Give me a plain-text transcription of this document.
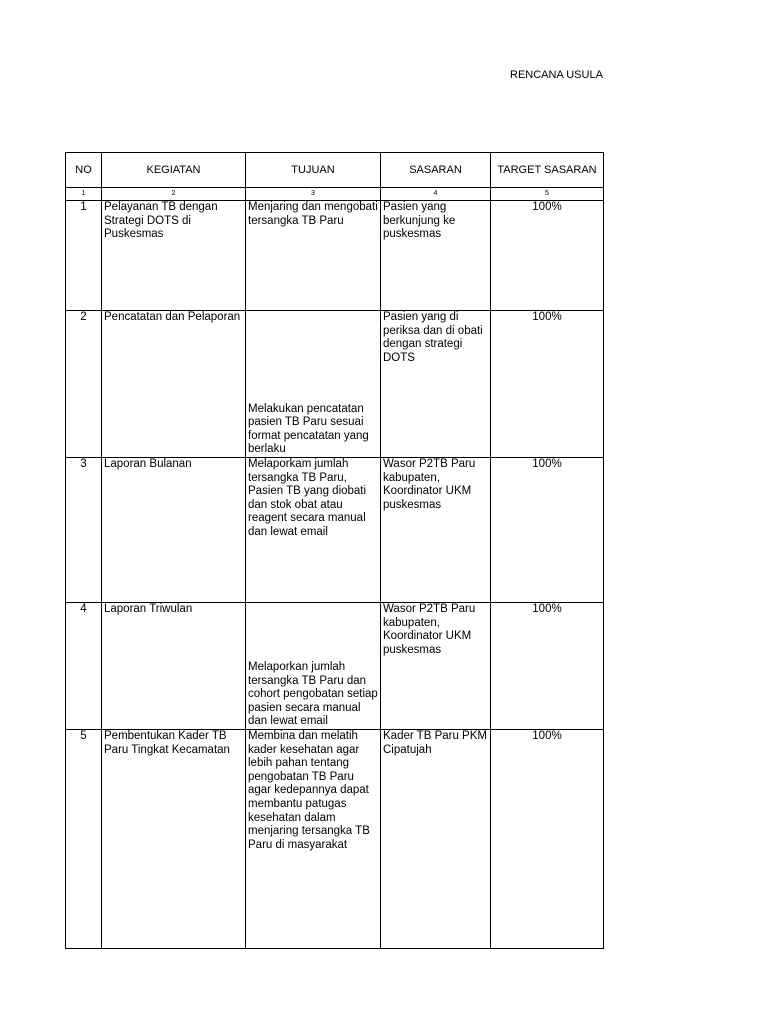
RENCANA USULA
NO	KEGIATAN	TUJUAN	SASARAN	TARGET SASARAN
1	2	3	4	5
1	Pelayanan TB dengan Strategi DOTS di Puskesmas	Menjaring dan mengobati tersangka TB Paru	Pasien yang berkunjung ke puskesmas	100%
2	Pencatatan dan Pelaporan	Melakukan pencatatan pasien TB Paru sesuai format pencatatan yang berlaku	Pasien yang di periksa dan di obati dengan strategi DOTS	100%
3	Laporan Bulanan	Melaporkam jumlah tersangka TB Paru, Pasien TB yang diobati dan stok obat atau reagent secara manual dan lewat email	Wasor P2TB Paru kabupaten, Koordinator UKM puskesmas	100%
4	Laporan Triwulan	Melaporkan jumlah tersangka TB Paru dan cohort pengobatan setiap pasien secara manual dan lewat email	Wasor P2TB Paru kabupaten, Koordinator UKM puskesmas	100%
5	Pembentukan Kader TB Paru Tingkat Kecamatan	Membina dan melatih kader kesehatan agar lebih pahan tentang pengobatan TB Paru agar kedepannya dapat membantu patugas kesehatan dalam menjaring tersangka TB Paru di masyarakat	Kader TB Paru PKM Cipatujah	100%
